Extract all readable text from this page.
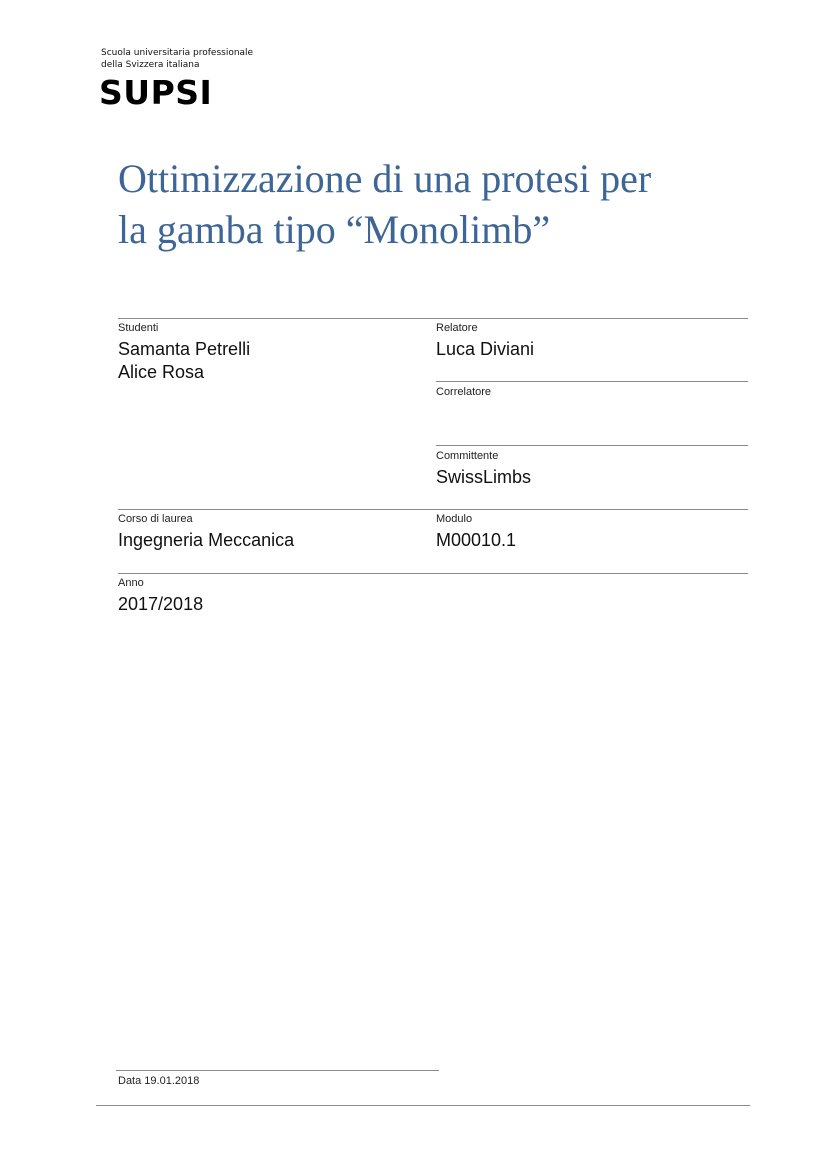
Scuola universitaria professionale
della Svizzera italiana
SUPSI
Ottimizzazione di una protesi per
la gamba tipo “Monolimb”
Studenti
Samanta Petrelli
Alice Rosa
Relatore
Luca Diviani
Correlatore
Committente
SwissLimbs
Corso di laurea
Ingegneria Meccanica
Modulo
M00010.1
Anno
2017/2018
Data 19.01.2018
